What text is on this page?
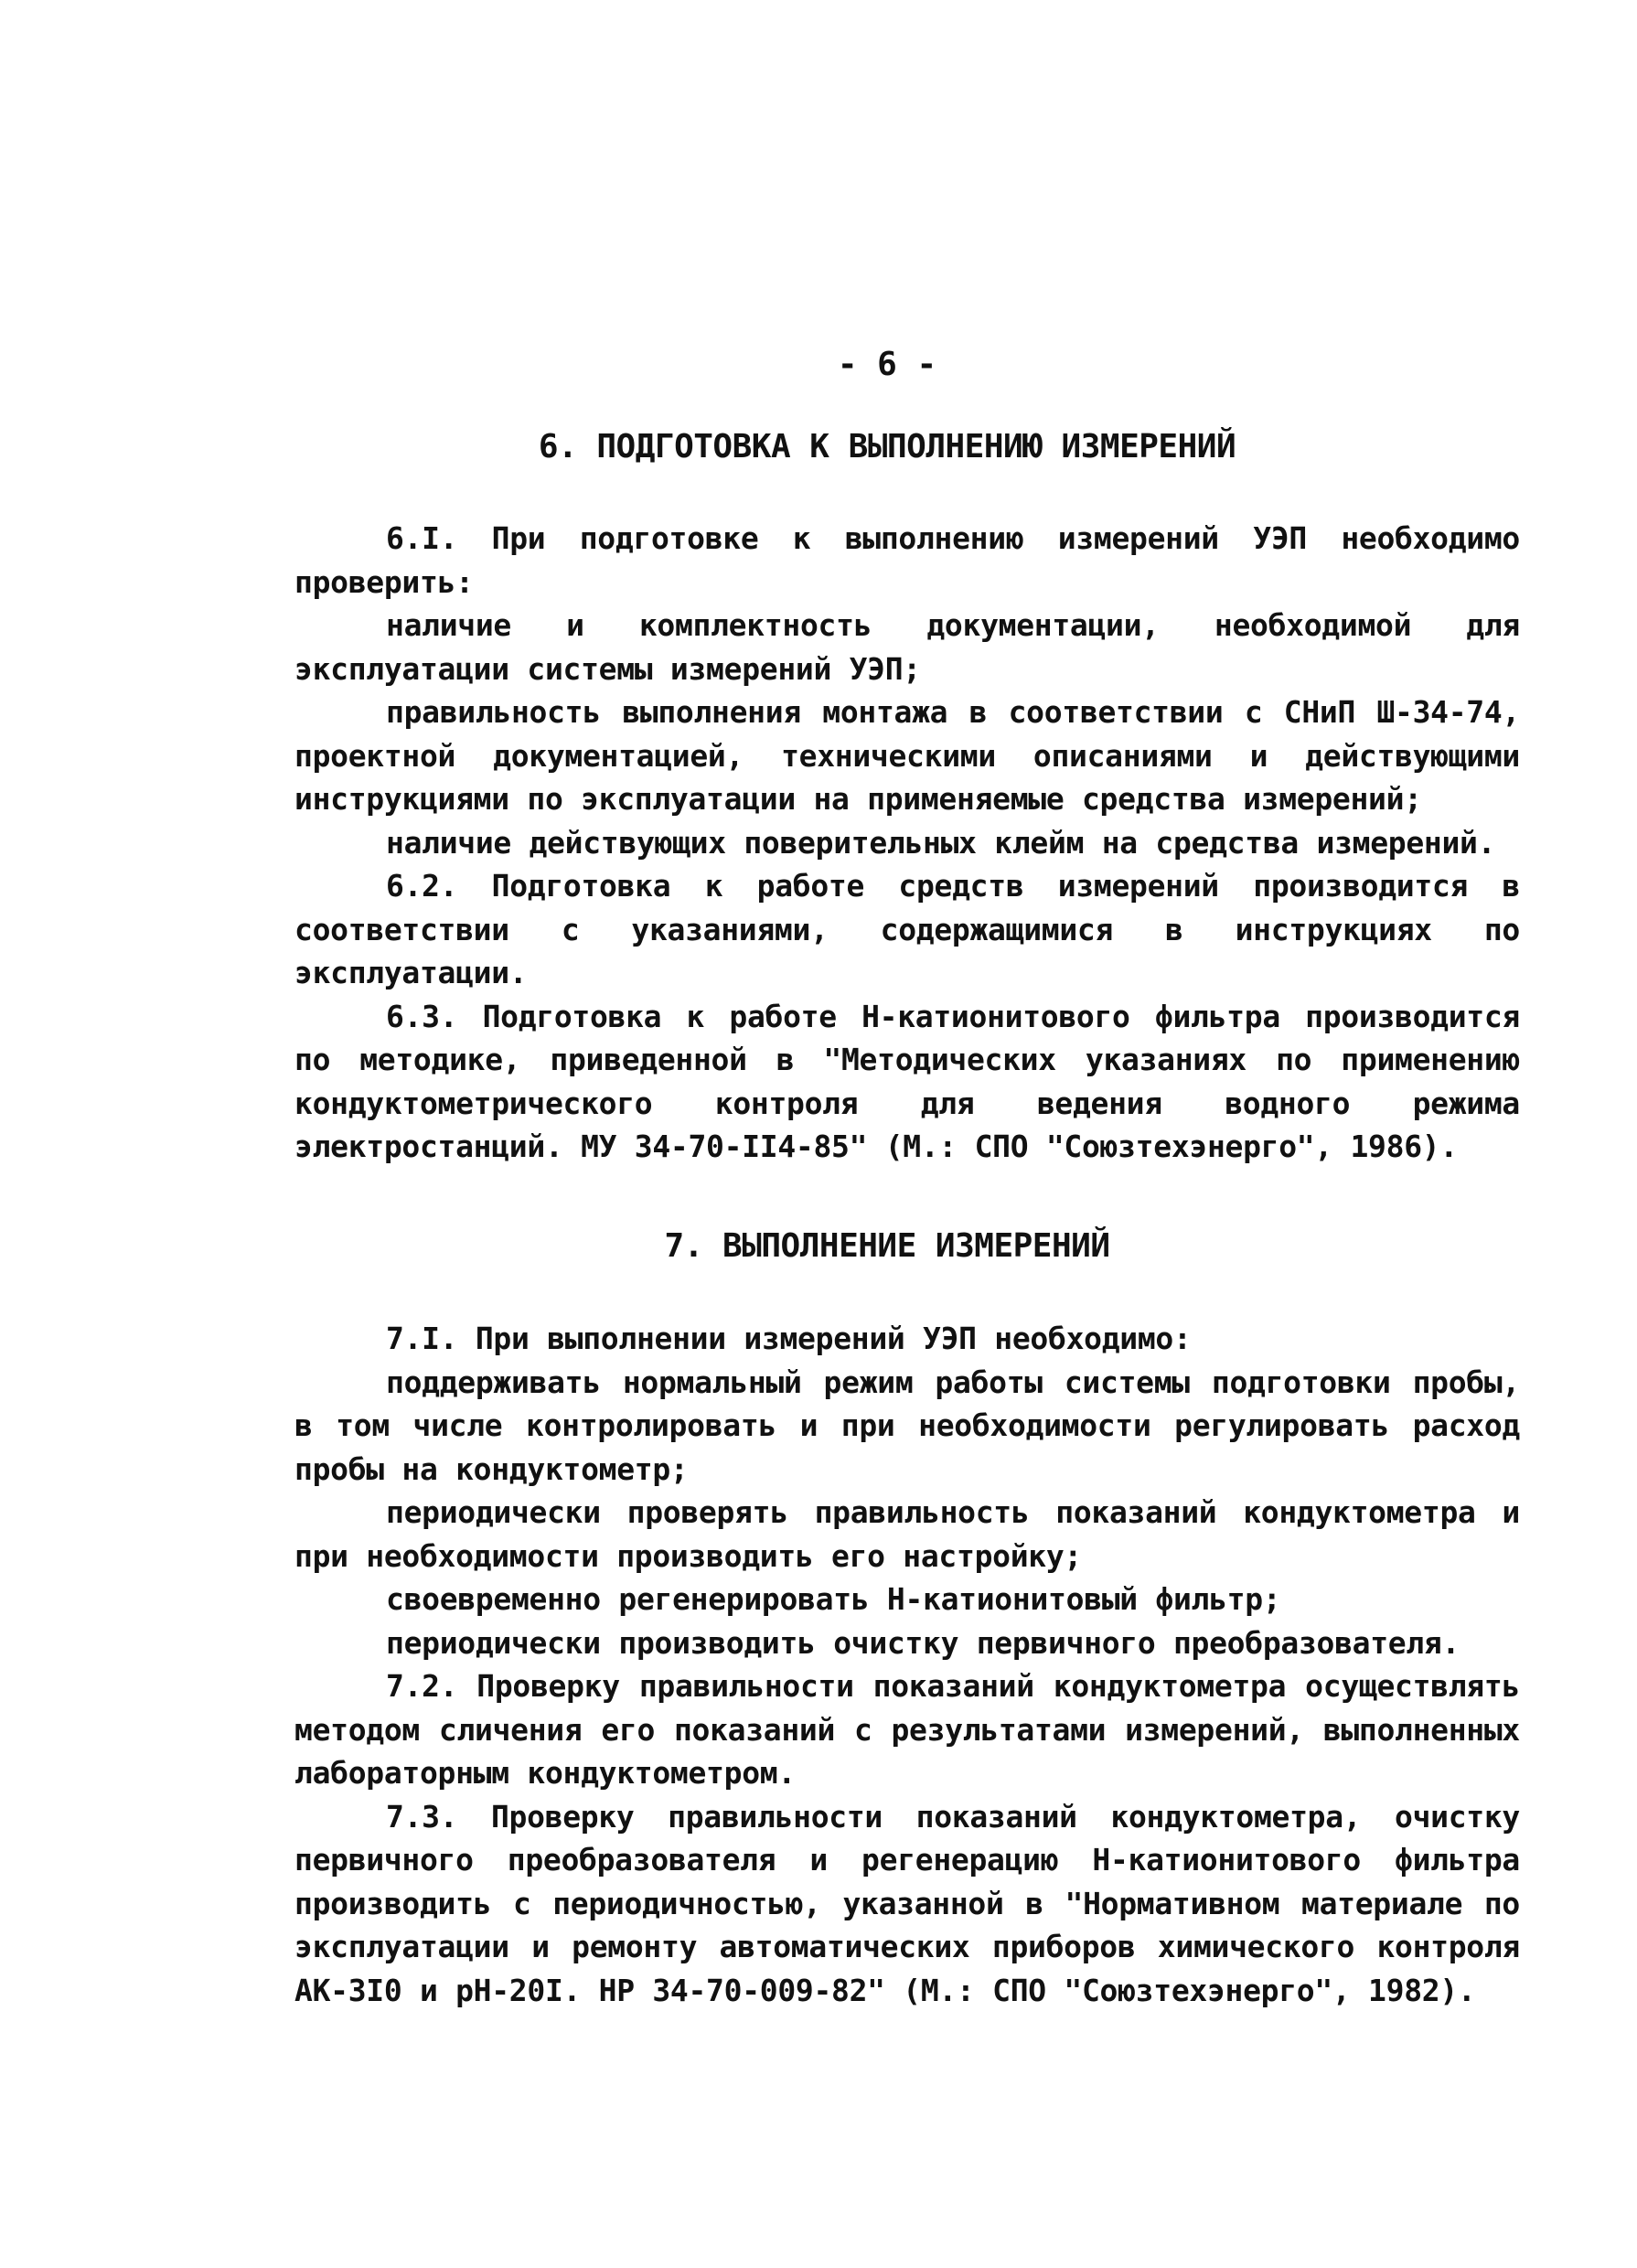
- 6 -
6. ПОДГОТОВКА К ВЫПОЛНЕНИЮ ИЗМЕРЕНИЙ

6.I. При подготовке к выполнению измерений УЭП необходимо проверить:

наличие и комплектность документации, необходимой для эксплуатации системы измерений УЭП;

правильность выполнения монтажа в соответствии с СНиП Ш-34-74, проектной документацией, техническими описаниями и действующими инструкциями по эксплуатации на применяемые средства измерений;

наличие действующих поверительных клейм на средства измерений.

6.2. Подготовка к работе средств измерений производится в соответствии с указаниями, содержащимися в инструкциях по эксплуатации.

6.3. Подготовка к работе Н-катионитового фильтра производится по методике, приведенной в "Методических указаниях по применению кондуктометрического контроля для ведения водного режима электростанций. МУ 34-70-II4-85" (М.: СПО "Союзтехэнерго", 1986).

7. ВЫПОЛНЕНИЕ ИЗМЕРЕНИЙ

7.I. При выполнении измерений УЭП необходимо:

поддерживать нормальный режим работы системы подготовки пробы, в том числе контролировать и при необходимости регулировать расход пробы на кондуктометр;

периодически проверять правильность показаний кондуктометра и при необходимости производить его настройку;

своевременно регенерировать Н-катионитовый фильтр;

периодически производить очистку первичного преобразователя.

7.2. Проверку правильности показаний кондуктометра осуществлять методом сличения его показаний с результатами измерений, выполненных лабораторным кондуктометром.

7.3. Проверку правильности показаний кондуктометра, очистку первичного преобразователя и регенерацию Н-катионитового фильтра производить с периодичностью, указанной в "Нормативном материале по эксплуатации и ремонту автоматических приборов химического контроля АК-3I0 и рН-20I. НР 34-70-009-82" (М.: СПО "Союзтехэнерго", 1982).
